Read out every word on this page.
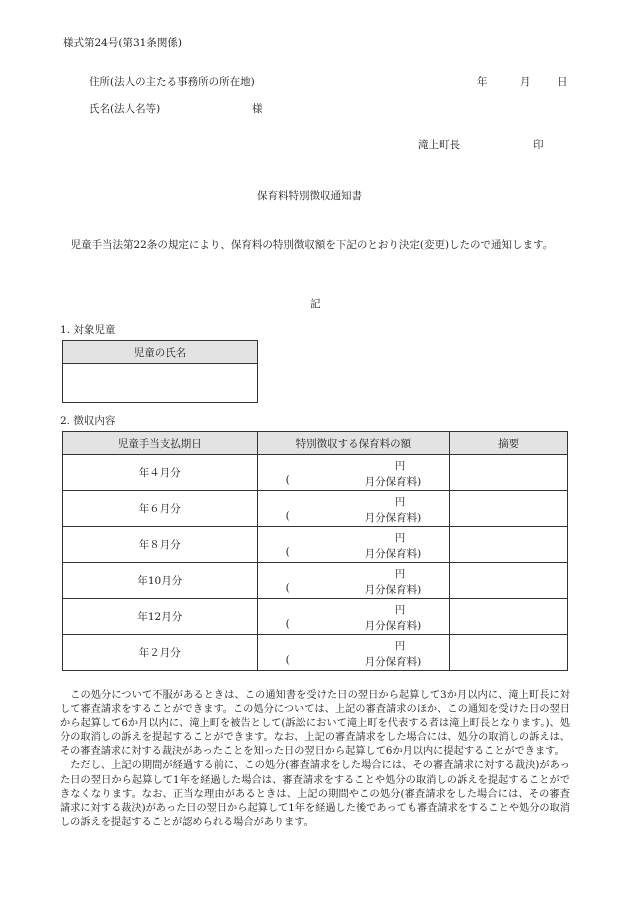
様式第24号(第31条関係)
住所(法人の主たる事務所の所在地)	年	月	日
氏名(法人名等)	様
滝上町長	印
保育料特別徴収通知書
児童手当法第22条の規定により、保育料の特別徴収額を下記のとおり決定(変更)したので通知します。
記
1. 対象児童
児童の氏名

2. 徴収内容
児童手当支払期日	特別徴収する保育料の額	摘要
年４月分	円
( 月分保育料)	

年６月分	円
( 月分保育料)	

年８月分	円
( 月分保育料)	

年10月分	円
( 月分保育料)	

年12月分	円
( 月分保育料)	

年２月分	円
( 月分保育料)	

この処分について不服があるときは、この通知書を受けた日の翌日から起算して3か月以内に、滝上町長に対して審査請求をすることができます。この処分については、上記の審査請求のほか、この通知を受けた日の翌日から起算して6か月以内に、滝上町を被告として(訴訟において滝上町を代表する者は滝上町長となります。)、処分の取消しの訴えを提起することができます。なお、上記の審査請求をした場合には、処分の取消しの訴えは、その審査請求に対する裁決があったことを知った日の翌日から起算して6か月以内に提起することができます。

ただし、上記の期間が経過する前に、この処分(審査請求をした場合には、その審査請求に対する裁決)があった日の翌日から起算して1年を経過した場合は、審査請求をすることや処分の取消しの訴えを提起することができなくなります。なお、正当な理由があるときは、上記の期間やこの処分(審査請求をした場合には、その審査請求に対する裁決)があった日の翌日から起算して1年を経過した後であっても審査請求をすることや処分の取消しの訴えを提起することが認められる場合があります。
